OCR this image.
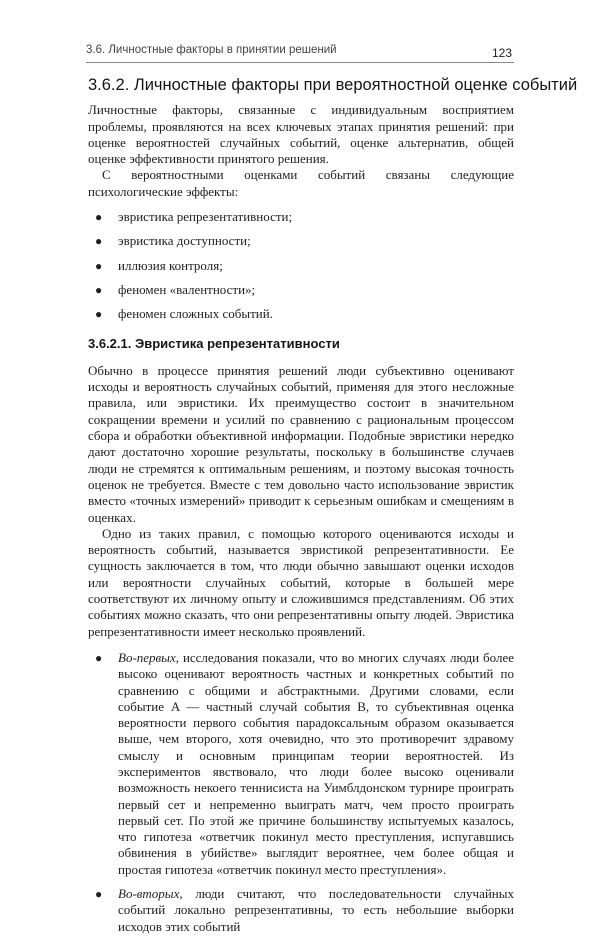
3.6. Личностные факторы в принятии решений	123
3.6.2. Личностные факторы при вероятностной оценке событий

Личностные факторы, связанные с индивидуальным восприятием проблемы, проявляются на всех ключевых этапах принятия решений: при оценке вероятностей случайных событий, оценке альтернатив, общей оценке эффективности принятого решения.

С вероятностными оценками событий связаны следующие психологические эффекты:

● эвристика репрезентативности;
● эвристика доступности;
● иллюзия контроля;
● феномен «валентности»;
● феномен сложных событий.
3.6.2.1. Эвристика репрезентативности

Обычно в процессе принятия решений люди субъективно оценивают исходы и вероятность случайных событий, применяя для этого несложные правила, или эвристики. Их преимущество состоит в значительном сокращении времени и усилий по сравнению с рациональным процессом сбора и обработки объективной информации. Подобные эвристики нередко дают достаточно хорошие результаты, поскольку в большинстве случаев люди не стремятся к оптимальным решениям, и поэтому высокая точность оценок не требуется. Вместе с тем довольно часто использование эвристик вместо «точных измерений» приводит к серьезным ошибкам и смещениям в оценках.

Одно из таких правил, с помощью которого оцениваются исходы и вероятность событий, называется эвристикой репрезентативности. Ее сущность заключается в том, что люди обычно завышают оценки исходов или вероятности случайных событий, которые в большей мере соответствуют их личному опыту и сложившимся представлениям. Об этих событиях можно сказать, что они репрезентативны опыту людей. Эвристика репрезентативности имеет несколько проявлений.

● Во-первых, исследования показали, что во многих случаях люди более высоко оценивают вероятность частных и конкретных событий по сравнению с общими и абстрактными. Другими словами, если событие A — частный случай события B, то субъективная оценка вероятности первого события парадоксальным образом оказывается выше, чем второго, хотя очевидно, что это противоречит здравому смыслу и основным принципам теории вероятностей. Из экспериментов явствовало, что люди более высоко оценивали возможность некоего теннисиста на Уимблдонском турнире проиграть первый сет и непременно выиграть матч, чем просто проиграть первый сет. По этой же причине большинству испытуемых казалось, что гипотеза «ответчик покинул место преступления, испугавшись обвинения в убийстве» выглядит вероятнее, чем более общая и простая гипотеза «ответчик покинул место преступления».
● Во-вторых, люди считают, что последовательности случайных событий локально репрезентативны, то есть небольшие выборки исходов этих событий
